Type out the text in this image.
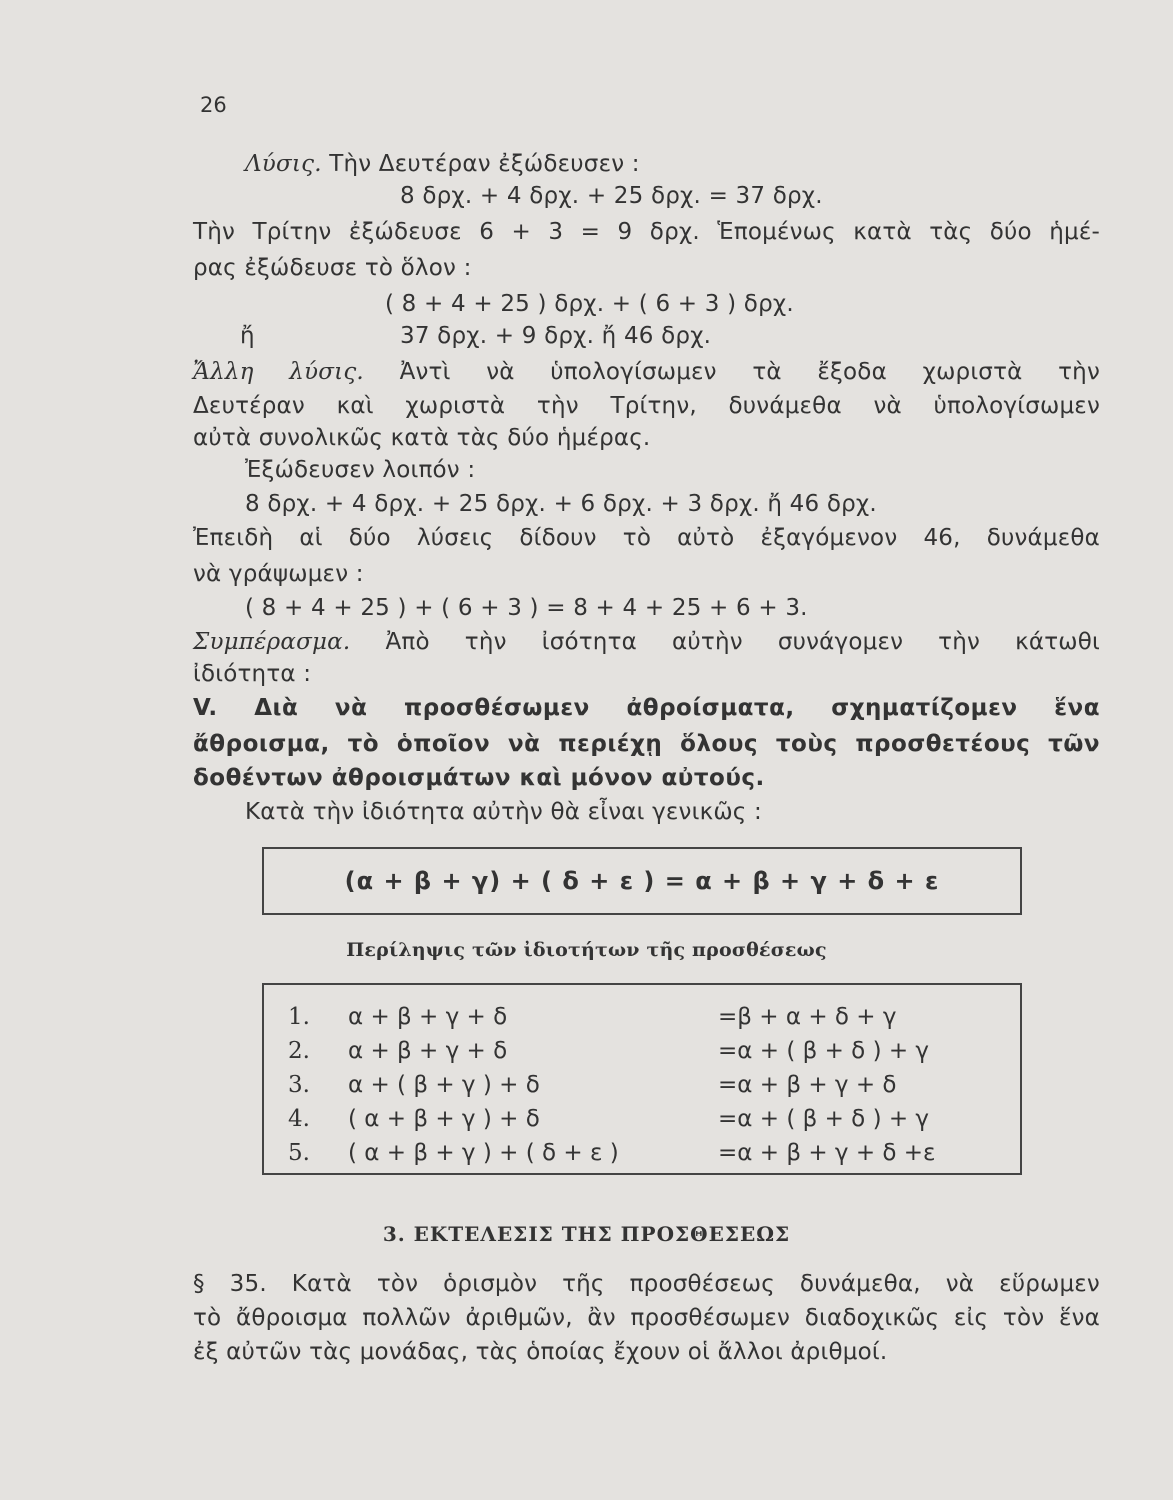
26
Λύσις. Τὴν Δευτέραν ἐξώδευσεν :
8 δρχ. + 4 δρχ. + 25 δρχ. = 37 δρχ.
Τὴν Τρίτην ἐξώδευσε 6 + 3 = 9 δρχ. Ἑπομένως κατὰ τὰς δύο ἡμέ-
ρας ἐξώδευσε τὸ ὅλον :
( 8 + 4 + 25 ) δρχ. + ( 6 + 3 ) δρχ.
ἤ	37 δρχ. + 9 δρχ. ἤ 46 δρχ.
Ἄλλη λύσις. Ἀντὶ νὰ ὑπολογίσωμεν τὰ ἔξοδα χωριστὰ τὴν
Δευτέραν καὶ χωριστὰ τὴν Τρίτην, δυνάμεθα νὰ ὑπολογίσωμεν
αὐτὰ συνολικῶς κατὰ τὰς δύο ἡμέρας.
Ἐξώδευσεν λοιπόν :
8 δρχ. + 4 δρχ. + 25 δρχ. + 6 δρχ. + 3 δρχ. ἤ 46 δρχ.
Ἐπειδὴ αἱ δύο λύσεις δίδουν τὸ αὐτὸ ἐξαγόμενον 46, δυνάμεθα
νὰ γράψωμεν :
( 8 + 4 + 25 ) + ( 6 + 3 ) = 8 + 4 + 25 + 6 + 3.
Συμπέρασμα. Ἀπὸ τὴν ἰσότητα αὐτὴν συνάγομεν τὴν κάτωθι
ἰδιότητα :
V. Διὰ νὰ προσθέσωμεν ἀθροίσματα, σχηματίζομεν ἕνα
ἄθροισμα, τὸ ὁποῖον νὰ περιέχῃ ὅλους τοὺς προσθετέους τῶν
δοθέντων ἀθροισμάτων καὶ μόνον αὐτούς.
Κατὰ τὴν ἰδιότητα αὐτὴν θὰ εἶναι γενικῶς :
(α + β + γ) + ( δ + ε ) = α + β + γ + δ + ε
Περίληψις τῶν ἰδιοτήτων τῆς προσθέσεως
1. α + β + γ + δ	=β + α + δ + γ
2. α + β + γ + δ	=α + ( β + δ ) + γ
3. α + ( β + γ ) + δ	=α + β + γ + δ
4. ( α + β + γ ) + δ	=α + ( β + δ ) + γ
5. ( α + β + γ ) + ( δ + ε )	=α + β + γ + δ +ε
3. ΕΚΤΕΛΕΣΙΣ ΤΗΣ ΠΡΟΣΘΕΣΕΩΣ
§ 35. Κατὰ τὸν ὁρισμὸν τῆς προσθέσεως δυνάμεθα, νὰ εὕρωμεν
τὸ ἄθροισμα πολλῶν ἀριθμῶν, ἂν προσθέσωμεν διαδοχικῶς εἰς τὸν ἕνα
ἐξ αὐτῶν τὰς μονάδας, τὰς ὁποίας ἔχουν οἱ ἄλλοι ἀριθμοί.
